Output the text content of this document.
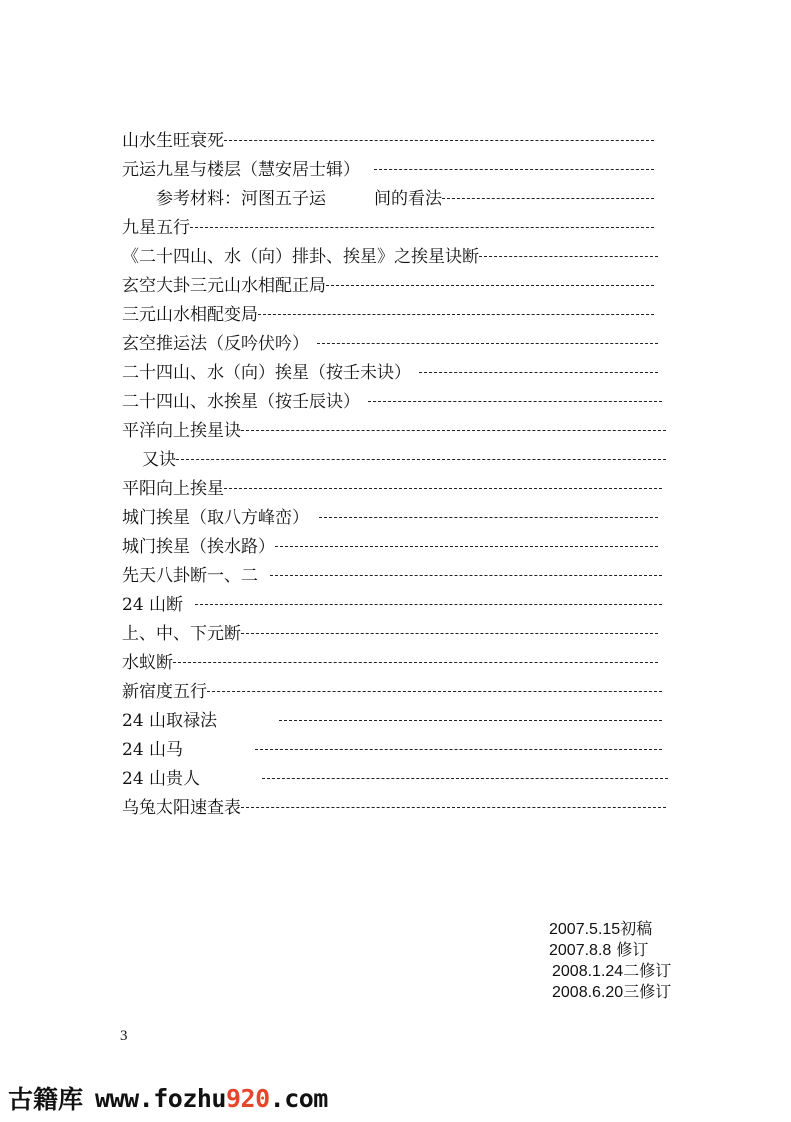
山水生旺衰死
元运九星与楼层（慧安居士辑）
参考材料：河图五子运	间的看法
九星五行
《二十四山、水（向）排卦、挨星》之挨星诀断
玄空大卦三元山水相配正局
三元山水相配变局
玄空推运法（反吟伏吟）
二十四山、水（向）挨星（按壬未诀）
二十四山、水挨星（按壬辰诀）
平洋向上挨星诀
又诀
平阳向上挨星
城门挨星（取八方峰峦）
城门挨星（挨水路）
先天八卦断一、二
24 山断
上、中、下元断
水蚁断
新宿度五行
24 山取禄法
24 山马
24 山贵人
乌兔太阳速查表
2007.5.15初稿
2007.8.8 修订
2008.1.24二修订
2008.6.20三修订
3
古籍库 www.fozhu 920 .com
